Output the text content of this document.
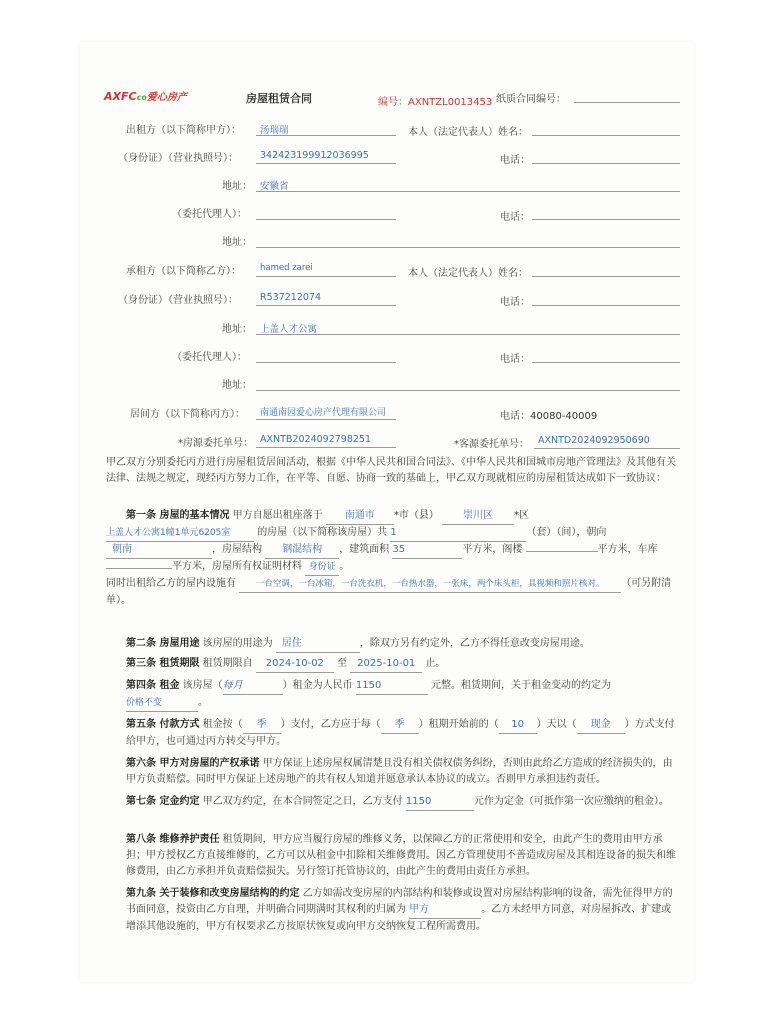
AXFCco爱心房产	房屋租赁合同	编号：AXNTZL0013453 纸质合同编号：
出租方（以下简称甲方）： 汤瑞瑞	本人（法定代表人）姓名：
（身份证）（营业执照号）： 342423199912036995	电话：
地址： 安徽省
（委托代理人）：	电话：
地址：
承租方（以下简称乙方）： hamed zarei	本人（法定代表人）姓名：
（身份证）（营业执照号）： R537212074	电话：
地址： 上盖人才公寓
（委托代理人）：	电话：
地址：
居间方（以下简称丙方）： 南通南园爱心房产代理有限公司	电话：40080-40009
*房源委托单号： AXNTB2024092798251	*客源委托单号： AXNTD2024092950690
甲乙双方分别委托丙方进行房屋租赁居间活动，根据《中华人民共和国合同法》、《中华人民共和国城市房地产管理法》及其他有关法律、法规之规定，现经丙方努力工作，在平等、自愿、协商一致的基础上，甲乙双方现就相应的房屋租赁达成如下一致协议：
第一条 房屋的基本情况 甲方自愿出租座落于 南通市 *市（县） 崇川区 *区
上盖人才公寓1幢1单元6205室	的房屋（以下简称该房屋）共 1	（套）（间），朝向
朝南	，房屋结构 钢混结构 ，建筑面积 35	平方米，阁楼	平方米，车库 平方米，房屋所有权证明材料 身份证 。
同时出租给乙方的屋内设施有 一台空调，一台冰箱，一台洗衣机，一台热水器，一张床，两个床头柜，具视频和照片核对。 （可另附清单）。
第二条 房屋用途 该房屋的用途为 居住	，除双方另有约定外，乙方不得任意改变房屋用途。
第三条 租赁期限 租赁期限自 2024-10-02 至 2025-10-01 止。
第四条 租金 该房屋（每月	）租金为人民币 1150	元整。租赁期间，关于租金变动的约定为
价格不变	。
第五条 付款方式 租金按（ 季 ）支付，乙方应于每（ 季 ）租期开始前的（ 10 ）天以（ 现金 ）方式支付给甲方，也可通过丙方转交与甲方。
第六条 甲方对房屋的产权承诺 甲方保证上述房屋权属清楚且没有相关债权债务纠纷，否则由此给乙方造成的经济损失的，由甲方负责赔偿。同时甲方保证上述房地产的共有权人知道并愿意承认本协议的成立。否则甲方承担违约责任。
第七条 定金约定 甲乙双方约定，在本合同签定之日，乙方支付 1150	元作为定金（可抵作第一次应缴纳的租金）。
第八条 维修养护责任 租赁期间，甲方应当履行房屋的维修义务，以保障乙方的正常使用和安全，由此产生的费用由甲方承担；甲方授权乙方直接维修的，乙方可以从租金中扣除相关维修费用。因乙方管理使用不善造成房屋及其相连设备的损失和维修费用，由乙方承担并负责赔偿损失。另行签订托管协议的，由此产生的费用由责任方承担。
第九条 关于装修和改变房屋结构的约定 乙方如需改变房屋的内部结构和装修或设置对房屋结构影响的设备，需先征得甲方的书面同意，投资由乙方自理，并明确合同期满时其权利的归属为 甲方	。乙方未经甲方同意，对房屋拆改、扩建或增添其他设施的，甲方有权要求乙方按原状恢复或向甲方交纳恢复工程所需费用。
